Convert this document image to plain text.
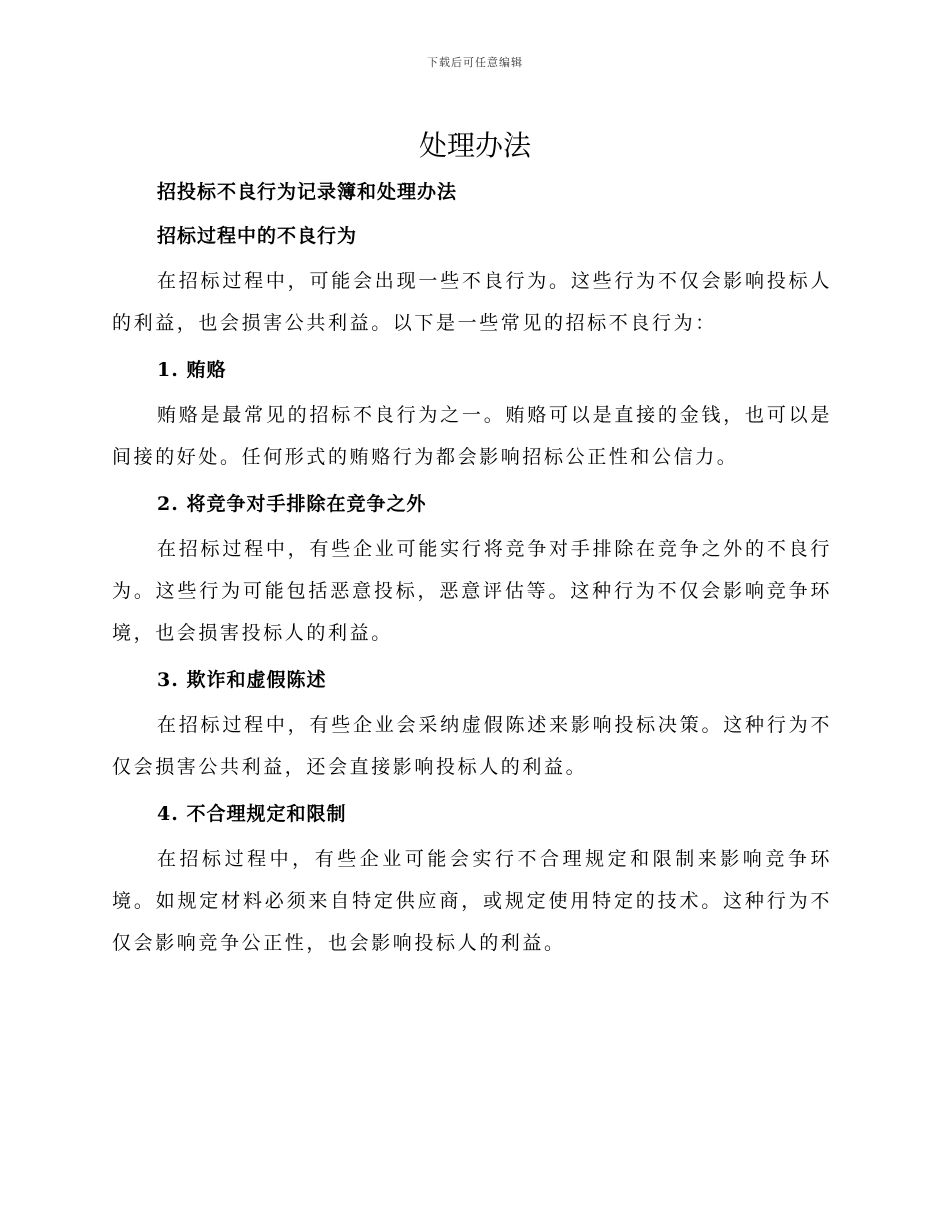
下载后可任意编辑
处理办法
招投标不良行为记录簿和处理办法
招标过程中的不良行为

在招标过程中，可能会出现一些不良行为。这些行为不仅会影响投标人的利益，也会损害公共利益。以下是一些常见的招标不良行为：

1. 贿赂

贿赂是最常见的招标不良行为之一。贿赂可以是直接的金钱，也可以是间接的好处。任何形式的贿赂行为都会影响招标公正性和公信力。

2. 将竞争对手排除在竞争之外

在招标过程中，有些企业可能实行将竞争对手排除在竞争之外的不良行为。这些行为可能包括恶意投标，恶意评估等。这种行为不仅会影响竞争环境，也会损害投标人的利益。

3. 欺诈和虚假陈述

在招标过程中，有些企业会采纳虚假陈述来影响投标决策。这种行为不仅会损害公共利益，还会直接影响投标人的利益。

4. 不合理规定和限制

在招标过程中，有些企业可能会实行不合理规定和限制来影响竞争环境。如规定材料必须来自特定供应商，或规定使用特定的技术。这种行为不仅会影响竞争公正性，也会影响投标人的利益。
